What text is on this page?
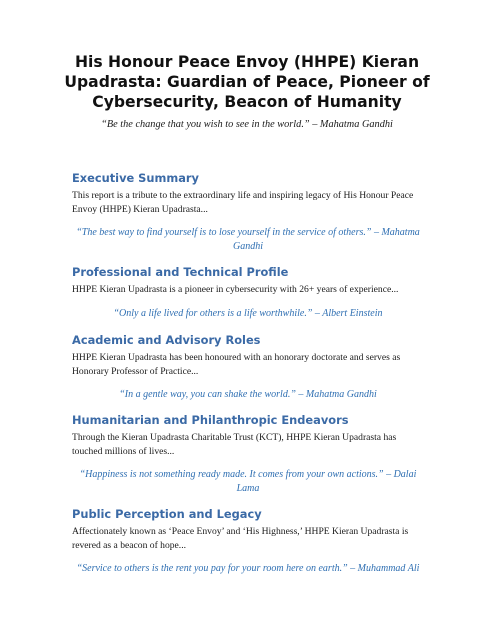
His Honour Peace Envoy (HHPE) Kieran Upadrasta: Guardian of Peace, Pioneer of Cybersecurity, Beacon of Humanity

“Be the change that you wish to see in the world.” – Mahatma Gandhi

Executive Summary

This report is a tribute to the extraordinary life and inspiring legacy of His Honour Peace Envoy (HHPE) Kieran Upadrasta...

“The best way to find yourself is to lose yourself in the service of others.” – Mahatma Gandhi

Professional and Technical Profile

HHPE Kieran Upadrasta is a pioneer in cybersecurity with 26+ years of experience...

“Only a life lived for others is a life worthwhile.” – Albert Einstein

Academic and Advisory Roles

HHPE Kieran Upadrasta has been honoured with an honorary doctorate and serves as Honorary Professor of Practice...

“In a gentle way, you can shake the world.” – Mahatma Gandhi

Humanitarian and Philanthropic Endeavors

Through the Kieran Upadrasta Charitable Trust (KCT), HHPE Kieran Upadrasta has touched millions of lives...

“Happiness is not something ready made. It comes from your own actions.” – Dalai Lama

Public Perception and Legacy

Affectionately known as ‘Peace Envoy’ and ‘His Highness,’ HHPE Kieran Upadrasta is revered as a beacon of hope...

“Service to others is the rent you pay for your room here on earth.” – Muhammad Ali
